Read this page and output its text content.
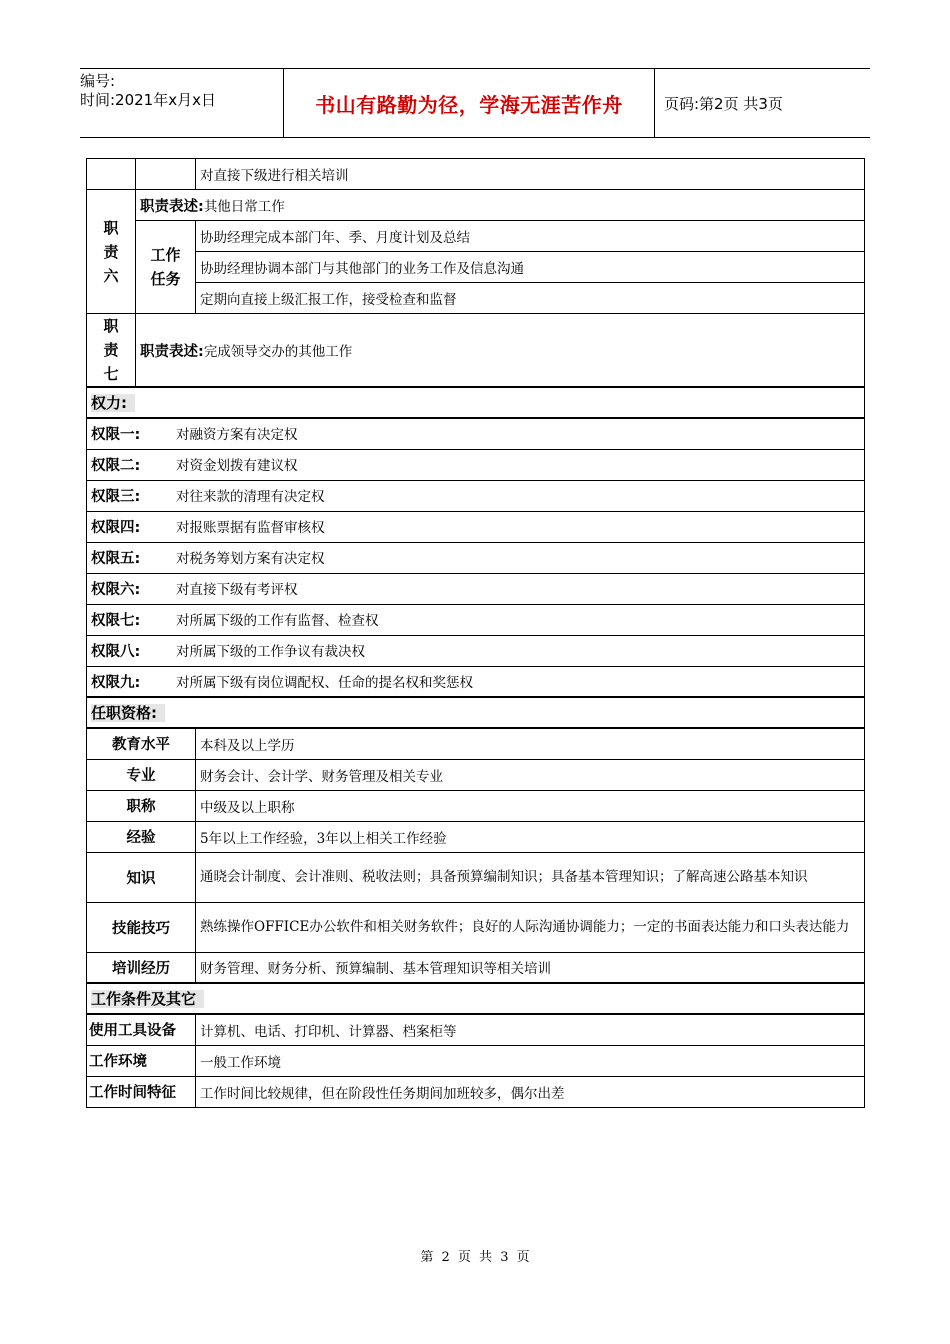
编号:
时间:2021年x月x日	书山有路勤为径，学海无涯苦作舟	页码:第2页 共3页
		对直接下级进行相关培训
职
责
六	职责表述:其他日常工作	
	工作
任务	协助经理完成本部门年、季、月度计划及总结
		协助经理协调本部门与其他部门的业务工作及信息沟通
		定期向直接上级汇报工作，接受检查和监督
职
责
七	职责表述:完成领导交办的其他工作	
权力:		
权限一: 对融资方案有决定权		
权限二: 对资金划拨有建议权		
权限三: 对往来款的清理有决定权		
权限四: 对报账票据有监督审核权		
权限五: 对税务筹划方案有决定权		
权限六: 对直接下级有考评权		
权限七: 对所属下级的工作有监督、检查权		
权限八: 对所属下级的工作争议有裁决权		
权限九: 对所属下级有岗位调配权、任命的提名权和奖惩权		
任职资格:		
教育水平		本科及以上学历
专业		财务会计、会计学、财务管理及相关专业
职称		中级及以上职称
经验		5年以上工作经验，3年以上相关工作经验
知识		通晓会计制度、会计准则、税收法则；具备预算编制知识；具备基本管理知识；了解高速公路基本知识
技能技巧		熟练操作OFFICE办公软件和相关财务软件；良好的人际沟通协调能力；一定的书面表达能力和口头表达能力
培训经历		财务管理、财务分析、预算编制、基本管理知识等相关培训
工作条件及其它		
使用工具设备		计算机、电话、打印机、计算器、档案柜等
工作环境		一般工作环境
工作时间特征		工作时间比较规律，但在阶段性任务期间加班较多，偶尔出差
第 2 页 共 3 页
